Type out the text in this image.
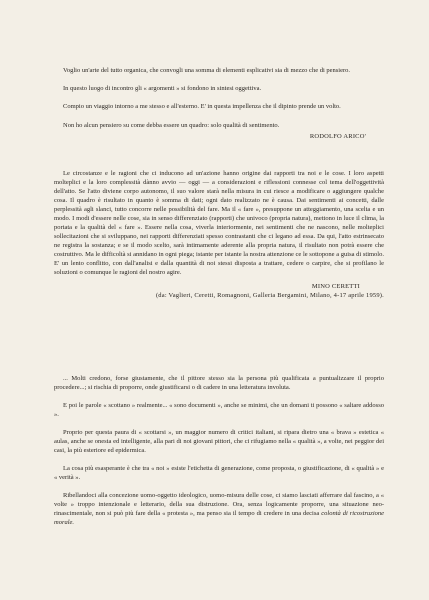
Voglio un'arte del tutto organica, che convogli una somma di elementi esplicativi sia di mezzo che di pensiero.

In questo luogo di incontro gli « argomenti » si fondono in sintesi oggettiva.

Compio un viaggio intorno a me stesso e all'esterno. E' in questa impellenza che il dipinto prende un volto.

Non ho alcun pensiero su come debba essere un quadro: solo qualità di sentimento.

RODOLFO ARICO'

Le circostanze e le ragioni che ci inducono ad un'azione hanno origine dai rapporti tra noi e le cose. I loro aspetti molteplici e la loro complessità dànno avvio — oggi — a considerazioni e riflessioni connesse col tema dell'oggettività dell'atto. Se l'atto diviene corpo autonomo, il suo valore starà nella misura in cui riesce a modificare o aggiungere qualche cosa. Il quadro è risultato in quanto è somma di dati; ogni dato realizzato ne è causa. Dai sentimenti ai concetti, dalle perplessità agli slanci, tutto concorre nelle possibilità del fare. Ma il « fare », presuppone un atteggiamento, una scelta e un modo. I modi d'essere nelle cose, sia in senso differenziato (rapporti) che univoco (propria natura), mettono in luce il clima, la portata e la qualità del « fare ». Essere nella cosa, viverla interiormente, nei sentimenti che ne nascono, nelle molteplici sollecitazioni che si sviluppano, nei rapporti differenziati spesso contrastanti che ci legano ad essa. Da qui, l'atto estrinsecato ne registra la sostanza; e se il modo scelto, sarà intimamente aderente alla propria natura, il risultato non potrà essere che costruttivo. Ma le difficoltà si annidano in ogni piega; istante per istante la nostra attenzione ce le sottopone a guisa di stimolo. E' un lento conflitto, con dall'analisi e dalla quantità di noi stessi disposta a trattare, cedere o carpire, che si profilano le soluzioni o comunque le ragioni del nostro agire.

MINO CERETTI
(da: Vaglieri, Ceretti, Romagnoni, Galleria Bergamini, Milano, 4-17 aprile 1959).

... Molti credono, forse giustamente, che il pittore stesso sia la persona più qualificata a puntualizzare il proprio procedere...; si rischia di proporre, onde giustificarsi o di cadere in una letteratura involuta.

E poi le parole « scottano » realmente... « sono documenti », anche se minimi, che un domani ti possono « saltare addosso ».

Proprio per questa paura di « scottarsi », un maggior numero di critici italiani, si ripara dietro una « brava » estetica « aulas, anche se onesta ed intelligente, alla pari di noi giovani pittori, che ci rifugiamo nella « qualità », a volte, nei peggior dei casi, la più esteriore ed epidermica.

La cosa più esasperante è che tra « noi » esiste l'etichetta di generazione, come proposta, o giustificazione, di « qualità » e « verità ».

Ribellandoci alla concezione uomo-oggetto ideologico, uomo-misura delle cose, ci siamo lasciati afferrare dal fascino, a « volte » troppo intenzionale e letterario, della sua distruzione. Ora, senza logicamente proporre, una situazione neo-rinascimentale, non si può più fare della « protesta », ma penso sia il tempo di credere in una decisa colontà di ricostruzione morale.
